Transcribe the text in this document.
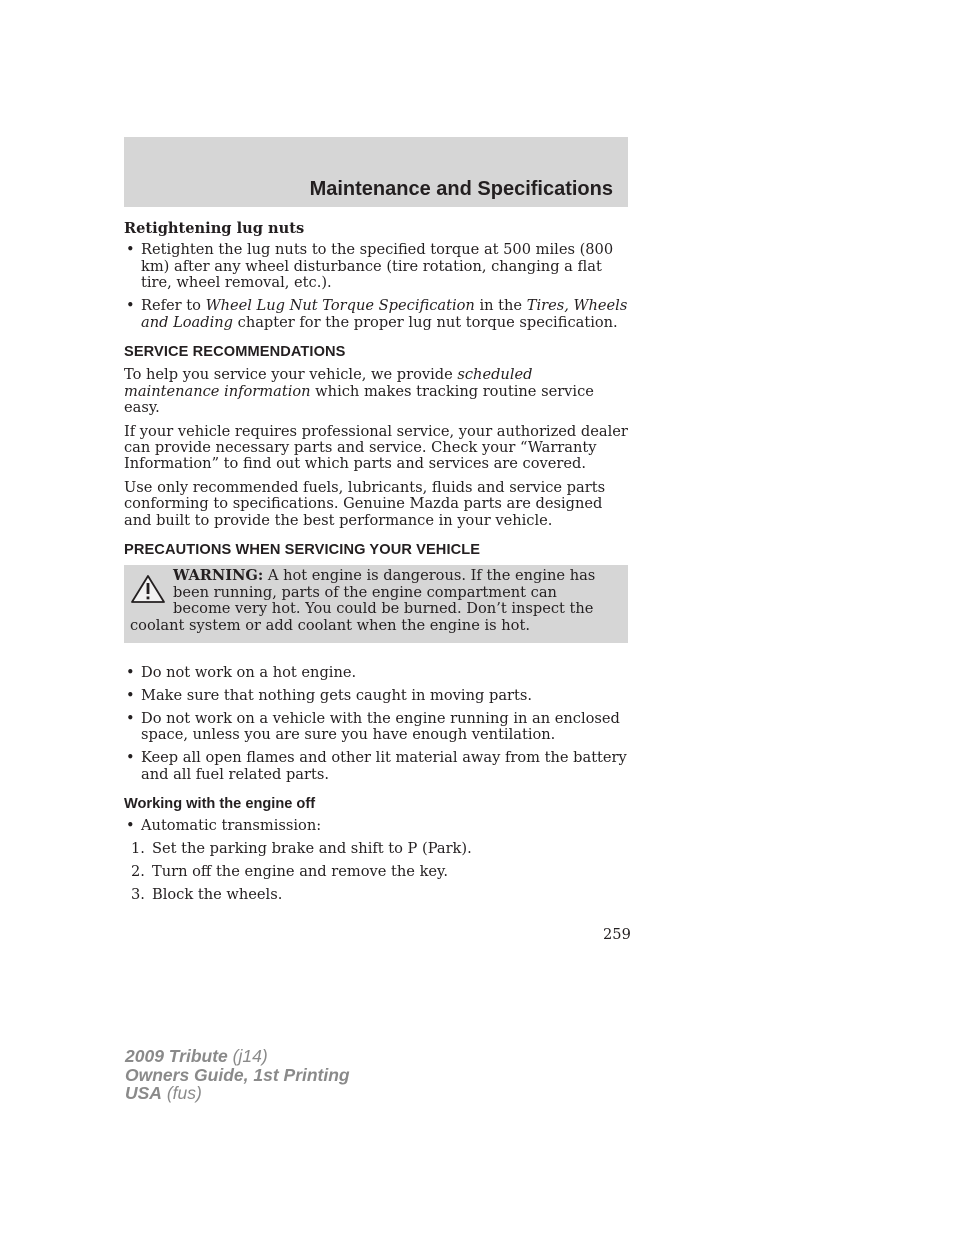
Maintenance and Specifications
Retightening lug nuts
• Retighten the lug nuts to the specified torque at 500 miles (800 km) after any wheel disturbance (tire rotation, changing a flat tire, wheel removal, etc.).
• Refer to Wheel Lug Nut Torque Specification in the Tires, Wheels and Loading chapter for the proper lug nut torque specification.
SERVICE RECOMMENDATIONS

To help you service your vehicle, we provide scheduled maintenance information which makes tracking routine service easy.

If your vehicle requires professional service, your authorized dealer can provide necessary parts and service. Check your “Warranty Information” to find out which parts and services are covered.

Use only recommended fuels, lubricants, fluids and service parts conforming to specifications. Genuine Mazda parts are designed and built to provide the best performance in your vehicle.

PRECAUTIONS WHEN SERVICING YOUR VEHICLE
WARNING: A hot engine is dangerous. If the engine has been running, parts of the engine compartment can become very hot. You could be burned. Don’t inspect the coolant system or add coolant when the engine is hot.
• Do not work on a hot engine.
• Make sure that nothing gets caught in moving parts.
• Do not work on a vehicle with the engine running in an enclosed space, unless you are sure you have enough ventilation.
• Keep all open flames and other lit material away from the battery and all fuel related parts.
Working with the engine off
• Automatic transmission:
1. Set the parking brake and shift to P (Park).
2. Turn off the engine and remove the key.
3. Block the wheels.
259
2009 Tribute (j14)
Owners Guide, 1st Printing
USA (fus)
